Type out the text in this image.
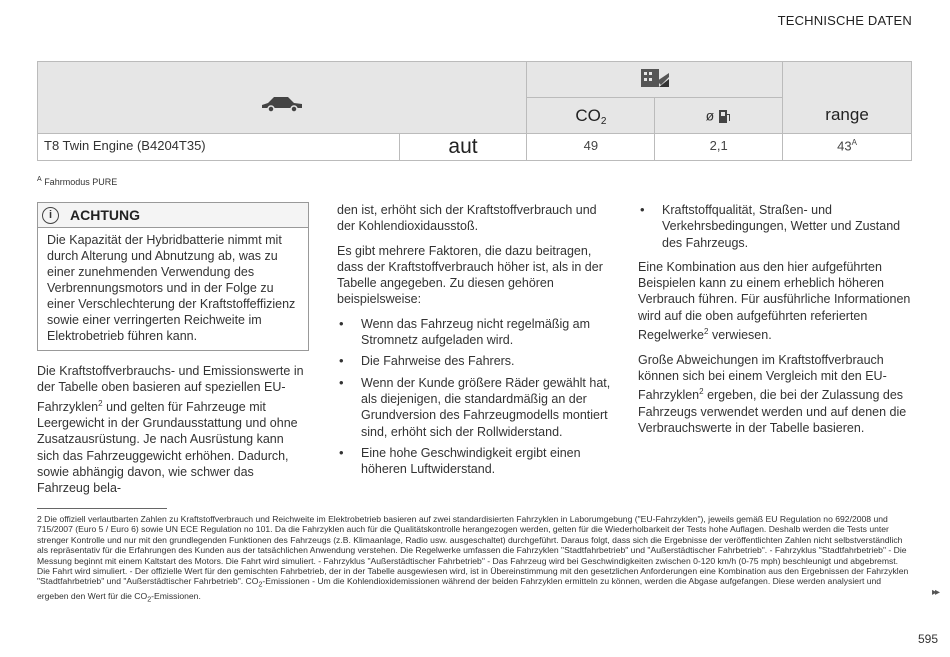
TECHNISCHE DATEN
		range
		$CO_2$	ø	
T8 Twin Engine (B4204T35)	aut	49	2,1	$43^A$
$^A$ Fahrmodus PURE
i	ACHTUNG
Die Kapazität der Hybridbatterie nimmt mit durch Alterung und Abnutzung ab, was zu einer zunehmenden Verwendung des Verbrennungsmotors und in der Folge zu einer Verschlechterung der Kraftstoffeffizienz sowie einer verringerten Reichweite im Elektrobetrieb führen kann.

Die Kraftstoffverbrauchs- und Emissionswerte in der Tabelle oben basieren auf speziellen EU-Fahrzyklen$^2$ und gelten für Fahrzeuge mit Leergewicht in der Grundausstattung und ohne Zusatzausrüstung. Je nach Ausrüstung kann sich das Fahrzeuggewicht erhöhen. Dadurch, sowie abhängig davon, wie schwer das Fahrzeug bela-

den ist, erhöht sich der Kraftstoffverbrauch und der Kohlendioxidausstoß.

Es gibt mehrere Faktoren, die dazu beitragen, dass der Kraftstoffverbrauch höher ist, als in der Tabelle angegeben. Zu diesen gehören beispielsweise:

• Wenn das Fahrzeug nicht regelmäßig am Stromnetz aufgeladen wird.
• Die Fahrweise des Fahrers.
• Wenn der Kunde größere Räder gewählt hat, als diejenigen, die standardmäßig an der Grundversion des Fahrzeugmodells montiert sind, erhöht sich der Rollwiderstand.
• Eine hohe Geschwindigkeit ergibt einen höheren Luftwiderstand.
• Kraftstoffqualität, Straßen- und Verkehrsbedingungen, Wetter und Zustand des Fahrzeugs.

Eine Kombination aus den hier aufgeführten Beispielen kann zu einem erheblich höheren Verbrauch führen. Für ausführliche Informationen wird auf die oben aufgeführten referierten Regelwerke$^2$ verwiesen.

Große Abweichungen im Kraftstoffverbrauch können sich bei einem Vergleich mit den EU-Fahrzyklen$^2$ ergeben, die bei der Zulassung des Fahrzeugs verwendet werden und auf denen die Verbrauchswerte in der Tabelle basieren.

2 Die offiziell verlautbarten Zahlen zu Kraftstoffverbrauch und Reichweite im Elektrobetrieb basieren auf zwei standardisierten Fahrzyklen in Laborumgebung ("EU-Fahrzyklen"), jeweils gemäß EU Regulation no 692/2008 und 715/2007 (Euro 5 / Euro 6) sowie UN ECE Regulation no 101. Da die Fahrzyklen auch für die Qualitätskontrolle herangezogen werden, gelten für die Wiederholbarkeit der Tests hohe Auflagen. Deshalb werden die Tests unter strenger Kontrolle und nur mit den grundlegenden Funktionen des Fahrzeugs (z.B. Klimaanlage, Radio usw. ausgeschaltet) durchgeführt. Daraus folgt, dass sich die Ergebnisse der veröffentlichten Zahlen nicht selbstverständlich als repräsentativ für die Erfahrungen des Kunden aus der tatsächlichen Anwendung verstehen. Die Regelwerke umfassen die Fahrzyklen "Stadtfahrbetrieb" und "Außerstädtischer Fahrbetrieb". - Fahrzyklus "Stadtfahrbetrieb" - Die Messung beginnt mit einem Kaltstart des Motors. Die Fahrt wird simuliert. - Fahrzyklus "Außerstädtischer Fahrbetrieb" - Das Fahrzeug wird bei Geschwindigkeiten zwischen 0-120 km/h (0-75 mph) beschleunigt und abgebremst. Die Fahrt wird simuliert. - Der offizielle Wert für den gemischten Fahrbetrieb, der in der Tabelle ausgewiesen wird, ist in Übereinstimmung mit den gesetzlichen Anforderungen eine Kombination aus den Ergebnissen der Fahrzyklen "Stadtfahrbetrieb" und "Außerstädtischer Fahrbetrieb". $CO_2$-Emissionen - Um die Kohlendioxidemissionen während der beiden Fahrzyklen ermitteln zu können, werden die Abgase aufgefangen. Diese werden analysiert und ergeben den Wert für die $CO_2$-Emissionen.	▸▸
595
